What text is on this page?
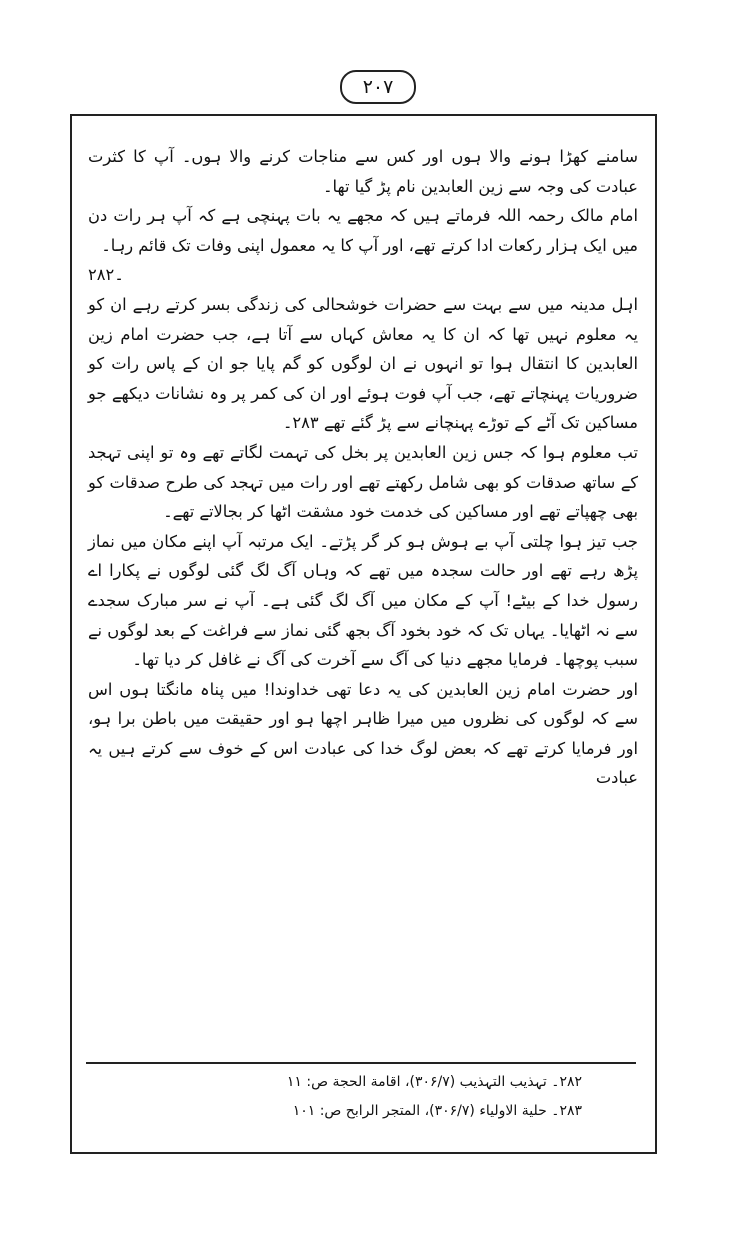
۲۰۷

سامنے کھڑا ہونے والا ہوں اور کس سے مناجات کرنے والا ہوں۔ آپ کا کثرت عبادت کی وجہ سے زین العابدین نام پڑ گیا تھا۔

امام مالک رحمہ اللہ فرماتے ہیں کہ مجھے یہ بات پہنچی ہے کہ آپ ہر رات دن میں ایک ہزار رکعات ادا کرتے تھے، اور آپ کا یہ معمول اپنی وفات تک قائم رہا۔

۲۸۲۔

اہل مدینہ میں سے بہت سے حضرات خوشحالی کی زندگی بسر کرتے رہے ان کو یہ معلوم نہیں تھا کہ ان کا یہ معاش کہاں سے آتا ہے، جب حضرت امام زین العابدین کا انتقال ہوا تو انہوں نے ان لوگوں کو گم پایا جو ان کے پاس رات کو ضروریات پہنچاتے تھے، جب آپ فوت ہوئے اور ان کی کمر پر وہ نشانات دیکھے جو مساکین تک آٹے کے توڑے پہنچانے سے پڑ گئے تھے ۲۸۳۔

تب معلوم ہوا کہ جس زین العابدین پر بخل کی تہمت لگاتے تھے وہ تو اپنی تہجد کے ساتھ صدقات کو بھی شامل رکھتے تھے اور رات میں تہجد کی طرح صدقات کو بھی چھپاتے تھے اور مساکین کی خدمت خود مشقت اٹھا کر بجالاتے تھے۔

جب تیز ہوا چلتی آپ بے ہوش ہو کر گر پڑتے۔ ایک مرتبہ آپ اپنے مکان میں نماز پڑھ رہے تھے اور حالت سجدہ میں تھے کہ وہاں آگ لگ گئی لوگوں نے پکارا اے رسول خدا کے بیٹے! آپ کے مکان میں آگ لگ گئی ہے۔ آپ نے سر مبارک سجدے سے نہ اٹھایا۔ یہاں تک کہ خود بخود آگ بجھ گئی نماز سے فراغت کے بعد لوگوں نے سبب پوچھا۔ فرمایا مجھے دنیا کی آگ سے آخرت کی آگ نے غافل کر دیا تھا۔

اور حضرت امام زین العابدین کی یہ دعا تھی خداوندا! میں پناہ مانگتا ہوں اس سے کہ لوگوں کی نظروں میں میرا ظاہر اچھا ہو اور حقیقت میں باطن برا ہو، اور فرمایا کرتے تھے کہ بعض لوگ خدا کی عبادت اس کے خوف سے کرتے ہیں یہ عبادت

۲۸۲۔ تہذیب التہذیب (۳۰۶/۷)، اقامة الحجة ص: ۱۱

۲۸۳۔ حلیة الاولیاء (۳۰۶/۷)، المتجر الرابح ص: ۱۰۱
